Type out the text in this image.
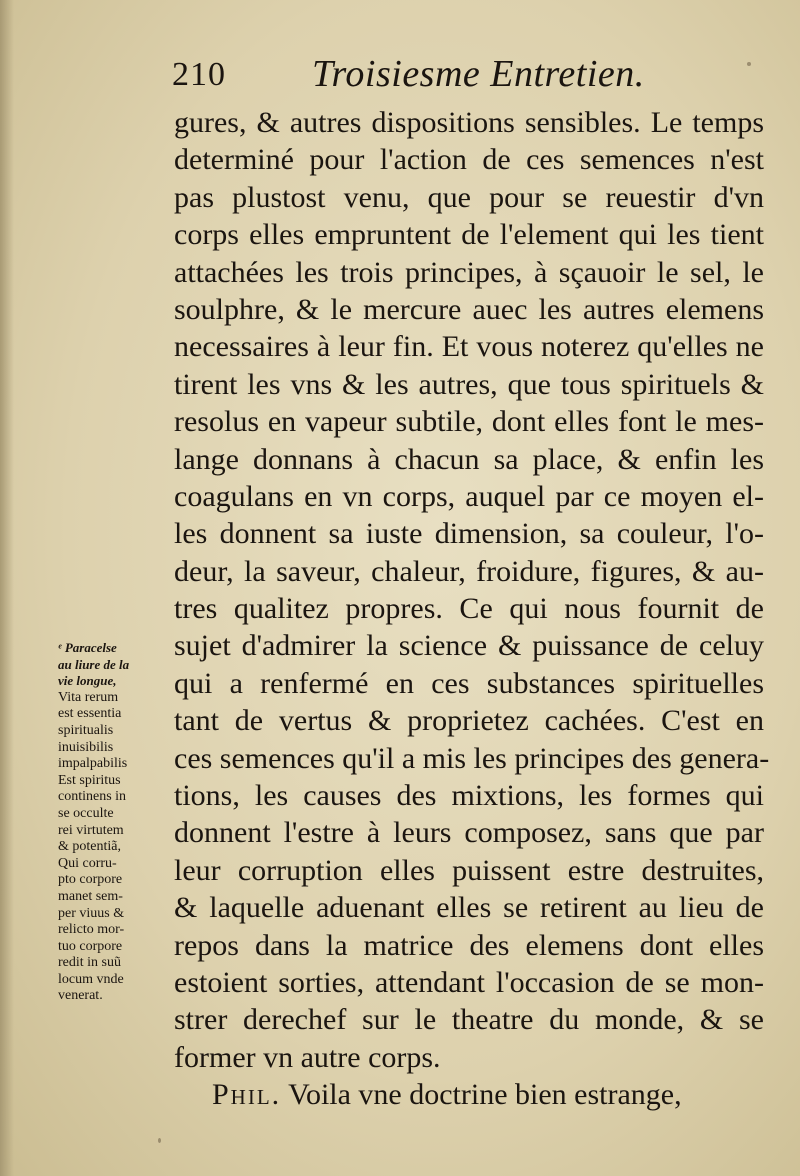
210 Troisiesme Entretien.
gures, & autres dispositions sensibles. Le temps
determiné pour l'action de ces semences n'est
pas plustost venu, que pour se reuestir d'vn
corps elles empruntent de l'element qui les tient
attachées les trois principes, à sçauoir le sel, le
soulphre, & le mercure auec les autres elemens
necessaires à leur fin. Et vous noterez qu'elles ne
tirent les vns & les autres, que tous spirituels &
resolus en vapeur subtile, dont elles font le mes-
lange donnans à chacun sa place, & enfin les
coagulans en vn corps, auquel par ce moyen el-
les donnent sa iuste dimension, sa couleur, l'o-
deur, la saveur, chaleur, froidure, figures, & au-
tres qualitez propres. Ce qui nous fournit de
sujet d'admirer la science & puissance de celuy
qui a renfermé en ces substances spirituelles
tant de vertus & proprietez cachées. C'est en
ces semences qu'il a mis les principes des genera-
tions, les causes des mixtions, les formes qui
donnent l'estre à leurs composez, sans que par
leur corruption elles puissent estre destruites,
& laquelle aduenant elles se retirent au lieu de
repos dans la matrice des elemens dont elles
estoient sorties, attendant l'occasion de se mon-
strer derechef sur le theatre du monde, & se
former vn autre corps.
Phil. Voila vne doctrine bien estrange,
ᵉ Paracelse
au liure de la
vie longue,
Vita rerum
est essentia
spiritualis
inuisibilis
impalpabilis
Est spiritus
continens in
se occulte
rei virtutem
& potentiã,
Qui corru-
pto corpore
manet sem-
per viuus &
relicto mor-
tuo corpore
redit in suũ
locum vnde
venerat.
